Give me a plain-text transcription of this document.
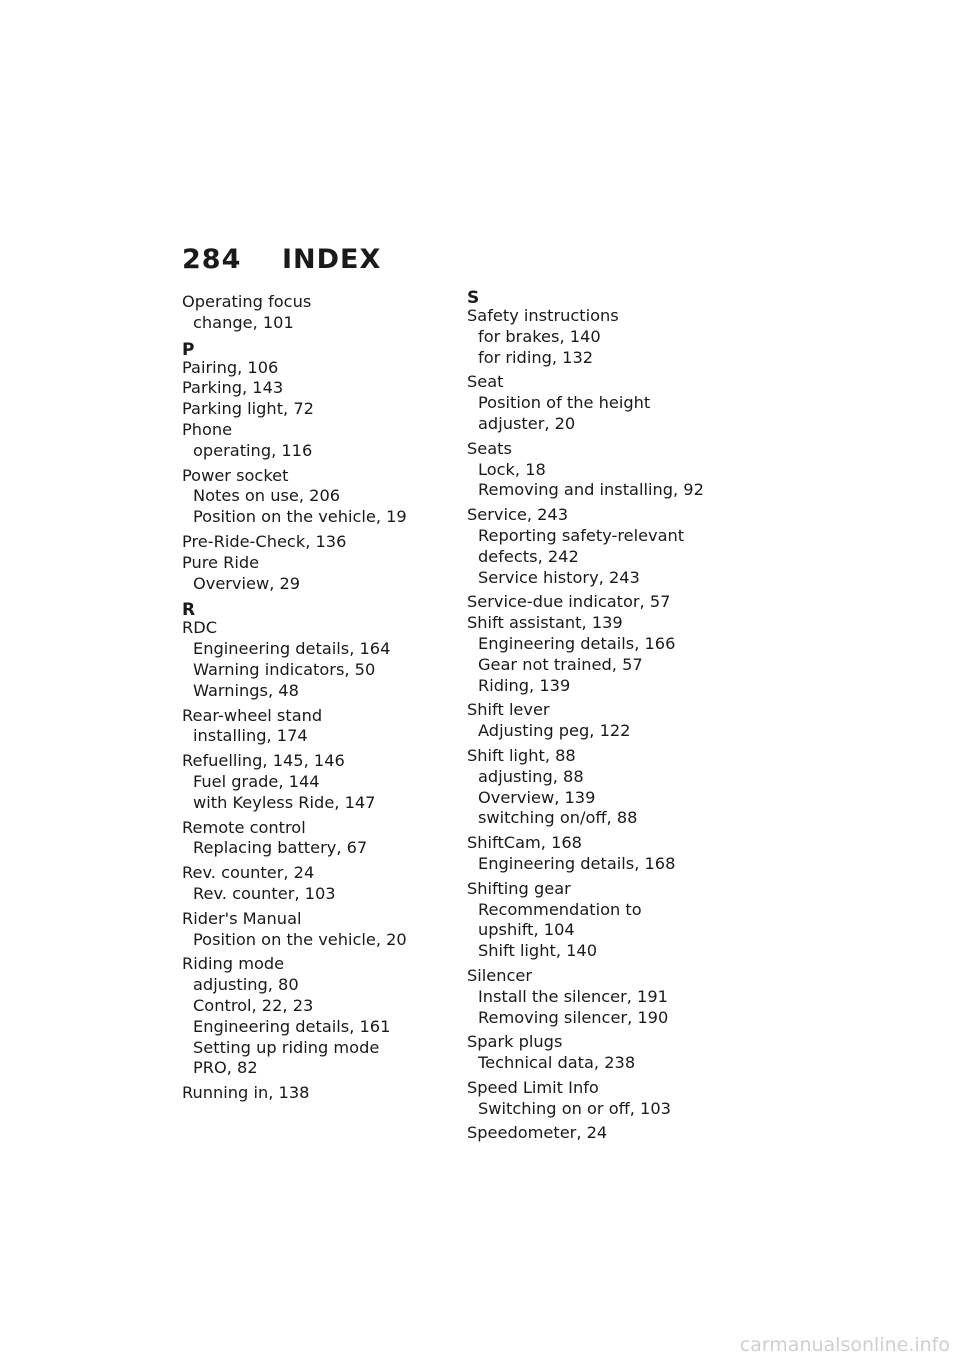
284 INDEX
Operating focus
change, 101
P
Pairing, 106
Parking, 143
Parking light, 72
Phone
operating, 116
Power socket
Notes on use, 206
Position on the vehicle, 19
Pre-Ride-Check, 136
Pure Ride
Overview, 29
R
RDC
Engineering details, 164
Warning indicators, 50
Warnings, 48
Rear-wheel stand
installing, 174
Refuelling, 145, 146
Fuel grade, 144
with Keyless Ride, 147
Remote control
Replacing battery, 67
Rev. counter, 24
Rev. counter, 103
Rider's Manual
Position on the vehicle, 20
Riding mode
adjusting, 80
Control, 22, 23
Engineering details, 161
Setting up riding mode
PRO, 82
Running in, 138
S
Safety instructions
for brakes, 140
for riding, 132
Seat
Position of the height
adjuster, 20
Seats
Lock, 18
Removing and installing, 92
Service, 243
Reporting safety-relevant
defects, 242
Service history, 243
Service-due indicator, 57
Shift assistant, 139
Engineering details, 166
Gear not trained, 57
Riding, 139
Shift lever
Adjusting peg, 122
Shift light, 88
adjusting, 88
Overview, 139
switching on/off, 88
ShiftCam, 168
Engineering details, 168
Shifting gear
Recommendation to
upshift, 104
Shift light, 140
Silencer
Install the silencer, 191
Removing silencer, 190
Spark plugs
Technical data, 238
Speed Limit Info
Switching on or off, 103
Speedometer, 24
carmanualsonline.info
